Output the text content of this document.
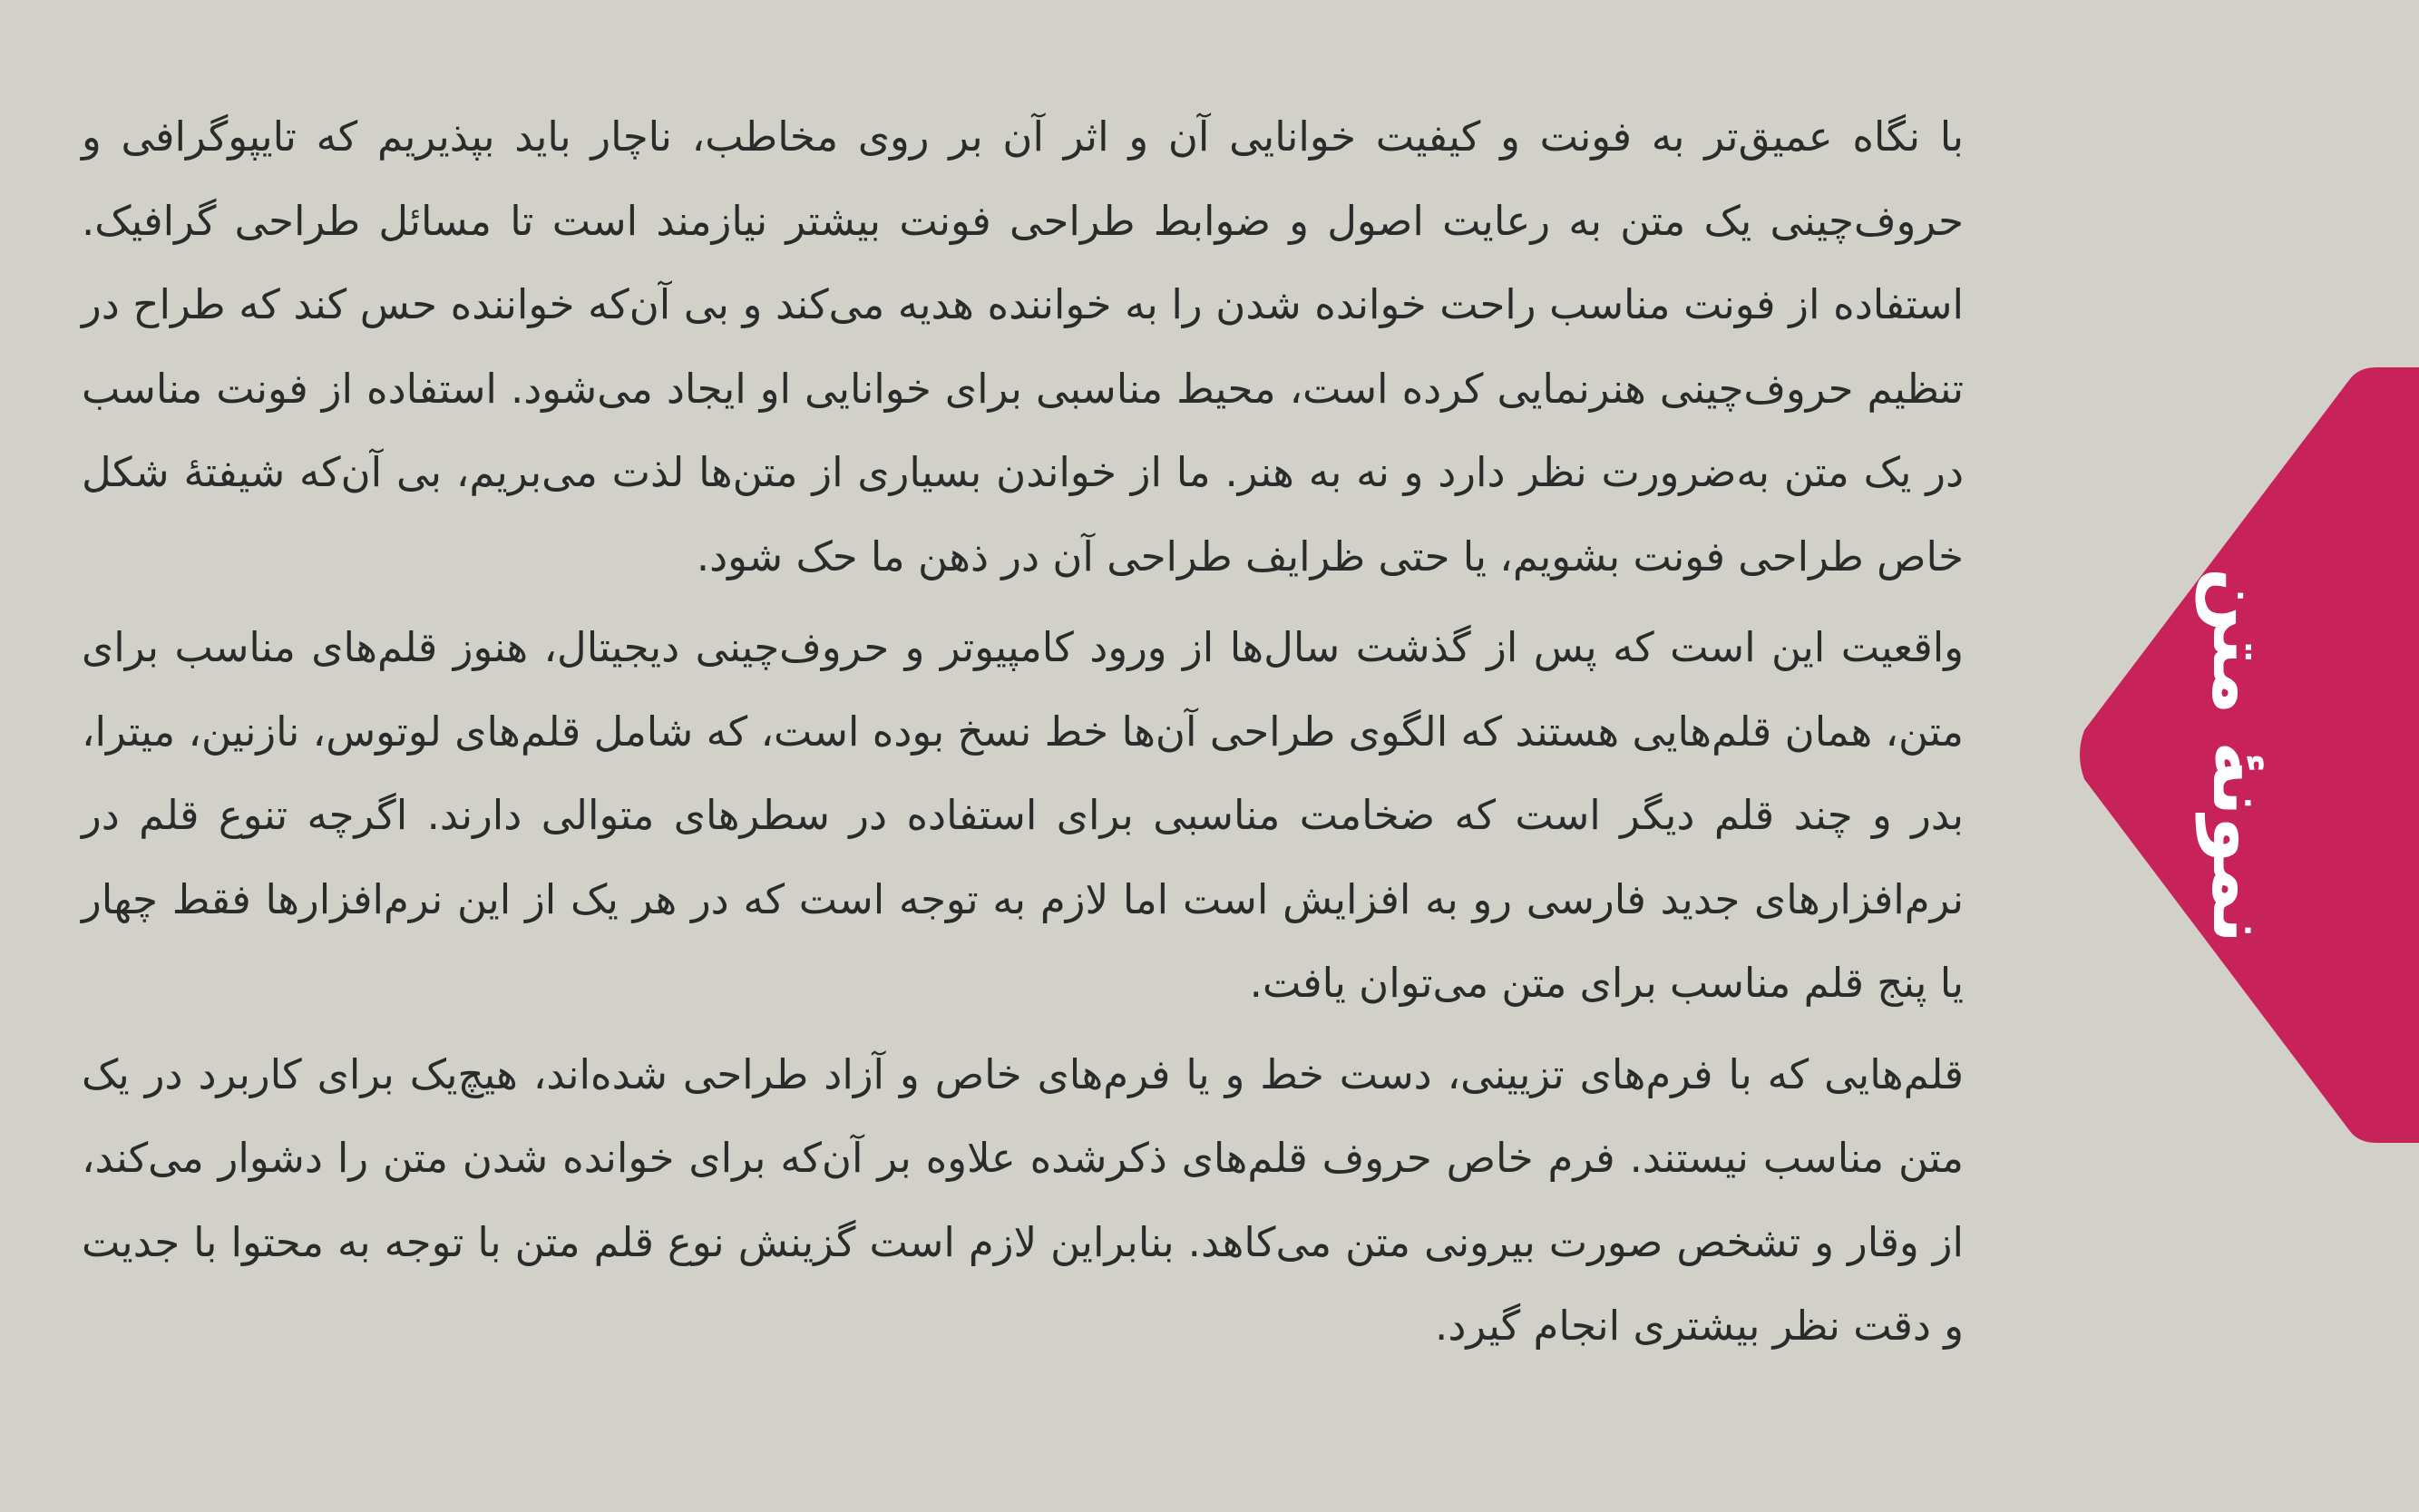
با نگاه عمیق‌تر به فونت و کیفیت خوانایی آن و اثر آن بر روی مخاطب، ناچار باید بپذیریم که تایپوگرافی و حروف‌چینی یک متن به رعایت اصول و ضوابط طراحی فونت بیشتر نیازمند است تا مسائل طراحی گرافیک. استفاده از فونت مناسب راحت خوانده شدن را به خواننده هدیه می‌کند و بی آن‌که خواننده حس کند که طراح در تنظیم حروف‌چینی هنرنمایی کرده است، محیط مناسبی برای خوانایی او ایجاد می‌شود. استفاده از فونت مناسب در یک متن به‌ضرورت نظر دارد و نه به هنر. ما از خواندن بسیاری از متن‌ها لذت می‌بریم، بی آن‌که شیفتهٔ شکل خاص طراحی فونت بشویم، یا حتی ظرایف طراحی آن در ذهن ما حک شود.

واقعیت این است که پس از گذشت سال‌ها از ورود کامپیوتر و حروف‌چینی دیجیتال، هنوز قلم‌های مناسب برای متن، همان قلم‌هایی هستند که الگوی طراحی آن‌ها خط نسخ بوده است، که شامل قلم‌های لوتوس، نازنین، میترا، بدر و چند قلم دیگر است که ضخامت مناسبی برای استفاده در سطرهای متوالی دارند. اگرچه تنوع قلم در نرم‌افزارهای جدید فارسی رو به افزایش است اما لازم به توجه است که در هر یک از این نرم‌افزارها فقط چهار یا پنج قلم مناسب برای متن می‌توان یافت.

قلم‌هایی که با فرم‌های تزیینی، دست خط و یا فرم‌های خاص و آزاد طراحی شده‌اند، هیچ‌یک برای کاربرد در یک متن مناسب نیستند. فرم خاص حروف قلم‌های ذکرشده علاوه بر آن‌که برای خوانده شدن متن را دشوار می‌کند، از وقار و تشخص صورت بیرونی متن می‌کاهد. بنابراین لازم است گزینش نوع قلم متن با توجه به محتوا با جدیت و دقت نظر بیشتری انجام گیرد.

نمونهٔ متن
